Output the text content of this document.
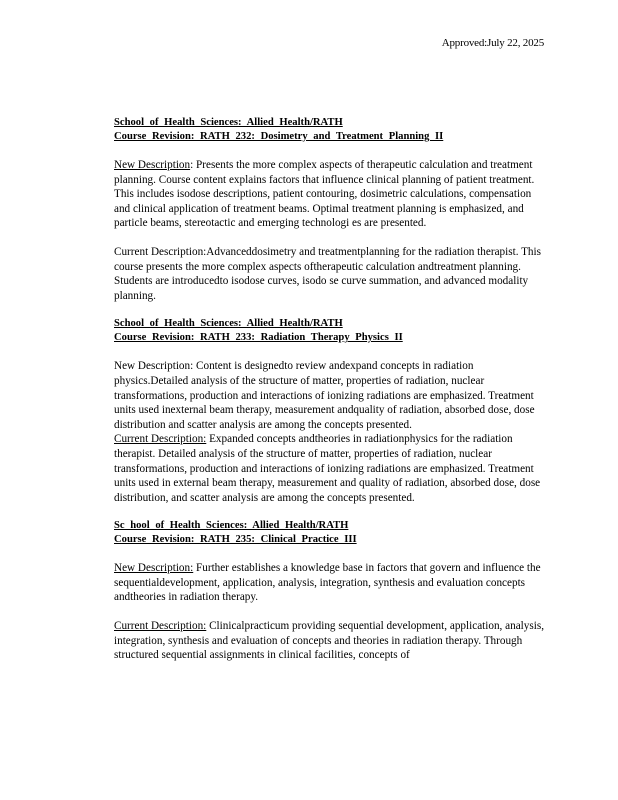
Approved:July 22, 2025
School of Health Sciences: Allied Health/RATH
Course Revision: RATH 232: Dosimetry and Treatment Planning II

New Description: Presents the more complex aspects of therapeutic calculation and treatment planning. Course content explains factors that influence clinical planning of patient treatment. This includes isodose descriptions, patient contouring, dosimetric calculations, compensation and clinical application of treatment beams. Optimal treatment planning is emphasized, and particle beams, stereotactic and emerging technologi es are presented.

Current Description:Advanceddosimetry and treatmentplanning for the radiation therapist. This course presents the more complex aspects oftherapeutic calculation andtreatment planning. Students are introducedto isodose curves, isodo se curve summation, and advanced modality planning.

School of Health Sciences: Allied Health/RATH
Course Revision: RATH 233: Radiation Therapy Physics II

New Description: Content is designedto review andexpand concepts in radiation physics.Detailed analysis of the structure of matter, properties of radiation, nuclear transformations, production and interactions of ionizing radiations are emphasized. Treatment units used inexternal beam therapy, measurement andquality of radiation, absorbed dose, dose distribution and scatter analysis are among the concepts presented.

Current Description: Expanded concepts andtheories in radiationphysics for the radiation therapist. Detailed analysis of the structure of matter, properties of radiation, nuclear transformations, production and interactions of ionizing radiations are emphasized. Treatment units used in external beam therapy, measurement and quality of radiation, absorbed dose, dose distribution, and scatter analysis are among the concepts presented.

Sc hool of Health Sciences: Allied Health/RATH
Course Revision: RATH 235: Clinical Practice III

New Description: Further establishes a knowledge base in factors that govern and influence the sequentialdevelopment, application, analysis, integration, synthesis and evaluation concepts andtheories in radiation therapy.

Current Description: Clinicalpracticum providing sequential development, application, analysis, integration, synthesis and evaluation of concepts and theories in radiation therapy. Through structured sequential assignments in clinical facilities, concepts of
